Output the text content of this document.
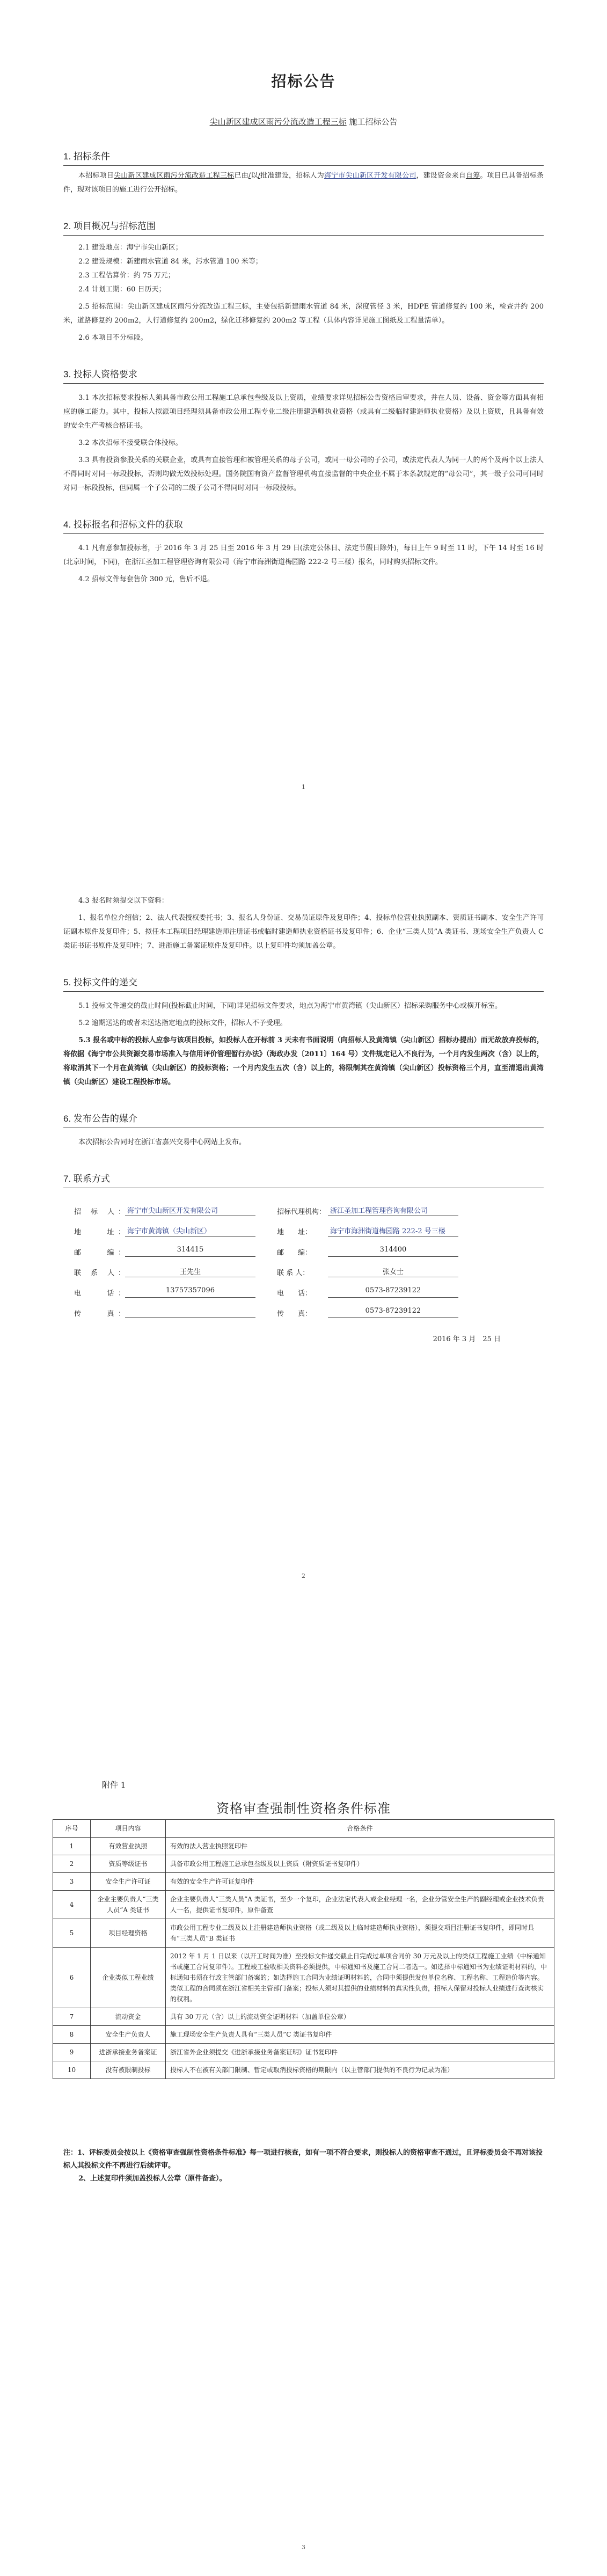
招标公告
尖山新区建成区雨污分流改造工程三标 施工招标公告
1. 招标条件

本招标项目尖山新区建成区雨污分流改造工程三标已由/以/批准建设，招标人为海宁市尖山新区开发有限公司，建设资金来自自筹。项目已具备招标条件，现对该项目的施工进行公开招标。

2. 项目概况与招标范围

2.1 建设地点：海宁市尖山新区；

2.2 建设规模：新建雨水管道 84 米，污水管道 100 米等；

2.3 工程估算价：约 75 万元；

2.4 计划工期：60 日历天；

2.5 招标范围：尖山新区建成区雨污分流改造工程三标，主要包括新建雨水管道 84 米，深度管径 3 米，HDPE 管道修复约 100 米，检查井约 200 米，道路修复约 200m2，人行道修复约 200m2，绿化迁移修复约 200m2 等工程（具体内容详见施工图纸及工程量清单）。

2.6 本项目不分标段。

3. 投标人资格要求

3.1 本次招标要求投标人须具备市政公用工程施工总承包叁级及以上资质，业绩要求详见招标公告资格后审要求，并在人员、设备、资金等方面具有相应的施工能力。其中，投标人拟派项目经理须具备市政公用工程专业二级注册建造师执业资格（或具有二级临时建造师执业资格）及以上资质，且具备有效的安全生产考核合格证书。

3.2 本次招标不接受联合体投标。

3.3 具有投资参股关系的关联企业，或具有直接管理和被管理关系的母子公司，或同一母公司的子公司，或法定代表人为同一人的两个及两个以上法人不得同时对同一标段投标，否则均做无效投标处理。国务院国有资产监督管理机构直接监督的中央企业不属于本条款规定的“母公司”，其一级子公司可同时对同一标段投标，但同属一个子公司的二级子公司不得同时对同一标段投标。

4. 投标报名和招标文件的获取

4.1 凡有意参加投标者，于 2016 年 3 月 25 日至 2016 年 3 月 29 日(法定公休日、法定节假日除外)，每日上午 9 时至 11 时，下午 14 时至 16 时(北京时间，下同)，在浙江圣加工程管理咨询有限公司（海宁市海洲街道梅园路 222-2 号三楼）报名，同时购买招标文件。

4.2 招标文件每套售价 300 元，售后不退。

1

4.3 报名时须提交以下资料：

1、报名单位介绍信；2、法人代表授权委托书；3、报名人身份证、交易员证原件及复印件；4、投标单位营业执照副本、资质证书副本、安全生产许可证副本原件及复印件；5、拟任本工程项目经理建造师注册证书或临时建造师执业资格证书及复印件；6、企业“三类人员”A 类证书、现场安全生产负责人 C 类证书证书原件及复印件；7、进浙施工备案证原件及复印件。以上复印件均须加盖公章。

5. 投标文件的递交

5.1 投标文件递交的截止时间(投标截止时间，下同)详见招标文件要求，地点为海宁市黄湾镇（尖山新区）招标采购服务中心或横开标室。

5.2 逾期送达的或者未送达指定地点的投标文件，招标人不予受理。

5.3 报名或中标的投标人应参与该项目投标，如投标人在开标前 3 天未有书面说明（向招标人及黄湾镇（尖山新区）招标办提出）而无故放弃投标的，将依据《海宁市公共资源交易市场准入与信用评价管理暂行办法》（海政办发〔2011〕164 号）文件规定记入不良行为，一个月内发生两次（含）以上的，将取消其下一个月在黄湾镇（尖山新区）的投标资格；一个月内发生五次（含）以上的，将限制其在黄湾镇（尖山新区）投标资格三个月，直至清退出黄湾镇（尖山新区）建设工程投标市场。

6. 发布公告的媒介

本次招标公告同时在浙江省嘉兴交易中心网站上发布。

7. 联系方式
招 标 人： 海宁市尖山新区开发有限公司	招标代理机构： 浙江圣加工程管理咨询有限公司
地　　址： 海宁市黄湾镇（尖山新区）	地　　址：	海宁市海洲街道梅园路 222-2 号三楼
邮　　编：	314415	邮　　编：	314400
联 系 人：	王先生	联 系 人：	张女士
电　　话：	13757357096	电　　话：	0573-87239122
传　　真：	传　　真：	0573-87239122
2016 年 3 月　25 日
2
附件 1
资格审查强制性资格条件标准
序号	项目内容	合格条件
1	有效营业执照	有效的法人营业执照复印件
2	资质等级证书	具备市政公用工程施工总承包叁级及以上资质（附资质证书复印件）
3	安全生产许可证	有效的安全生产许可证复印件
4	企业主要负责人“三类人员”A 类证书	企业主要负责人“三类人员”A 类证书，至少一个复印，企业法定代表人或企业经理一名，企业分管安全生产的副经理或企业技术负责人一名，提供证书复印件，原件备查
5	项目经理资格	市政公用工程专业二级及以上注册建造师执业资格（或二级及以上临时建造师执业资格），须提交项目注册证书复印件，即同时具有“三类人员”B 类证书
6	企业类似工程业绩	2012 年 1 月 1 日以来（以开工时间为准）至投标文件递交截止日完成过单项合同价 30 万元及以上的类似工程施工业绩（中标通知书或施工合同复印件）。工程竣工验收相关资料必须提供，中标通知书及施工合同二者选一。如选择中标通知书为业绩证明材料的，中标通知书须在行政主管部门备案的；如选择施工合同为业绩证明材料的，合同中须提供发包单位名称、工程名称、工程造价等内容。类似工程的合同须在浙江省相关主管部门备案；投标人须对其提供的业绩材料的真实性负责，招标人保留对投标人业绩进行查询核实的权利。
7	流动资金	具有 30 万元（含）以上的流动资金证明材料（加盖单位公章）
8	安全生产负责人	施工现场安全生产负责人具有“三类人员”C 类证书复印件
9	进浙承接业务备案证	浙江省外企业须提交《进浙承接业务备案证明》证书复印件
10	没有被限制投标	投标人不在被有关部门限制、暂定或取消投标资格的期限内（以主管部门提供的不良行为记录为准）
注：1、评标委员会按以上《资格审查强制性资格条件标准》每一项进行核查，如有一项不符合要求，则投标人的资格审查不通过，且评标委员会不再对该投标人其投标文件不再进行后续评审。
2、上述复印件须加盖投标人公章（原件备查）。
3
